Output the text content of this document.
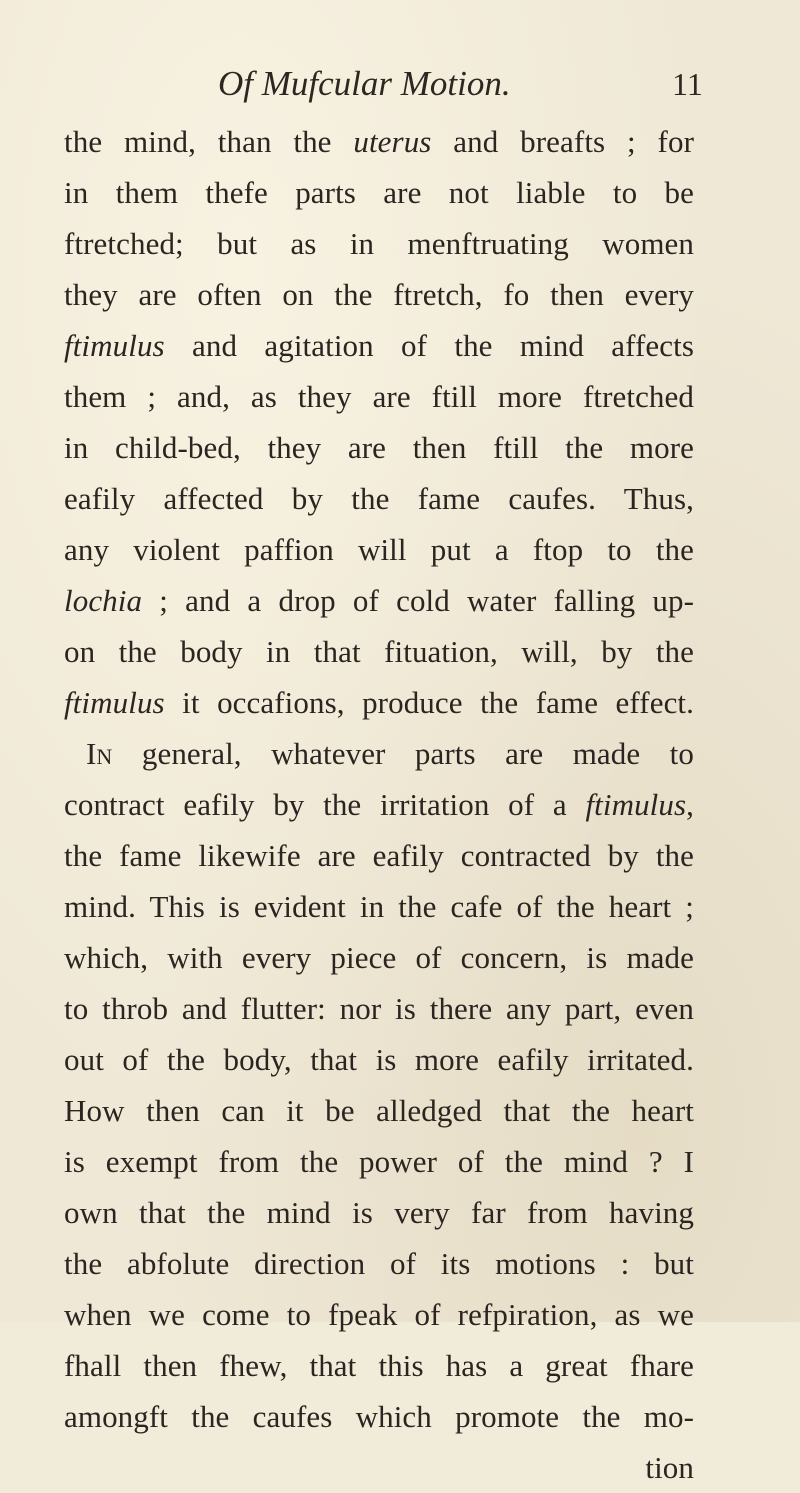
Of Mufcular Motion.	11
the mind, than the uterus and breafts ; for
in them thefe parts are not liable to be
ftretched; but as in menftruating women
they are often on the ftretch, fo then every
ftimulus and agitation of the mind affects
them ; and, as they are ftill more ftretched
in child-bed, they are then ftill the more
eafily affected by the fame caufes. Thus,
any violent paffion will put a ftop to the
lochia ; and a drop of cold water falling up-
on the body in that fituation, will, by the
ftimulus it occafions, produce the fame effect.
In general, whatever parts are made to
contract eafily by the irritation of a ftimulus,
the fame likewife are eafily contracted by the
mind. This is evident in the cafe of the heart ;
which, with every piece of concern, is made
to throb and flutter: nor is there any part, even
out of the body, that is more eafily irritated.
How then can it be alledged that the heart
is exempt from the power of the mind ? I
own that the mind is very far from having
the abfolute direction of its motions : but
when we come to fpeak of refpiration, as we
fhall then fhew, that this has a great fhare
amongft the caufes which promote the mo-
tion
